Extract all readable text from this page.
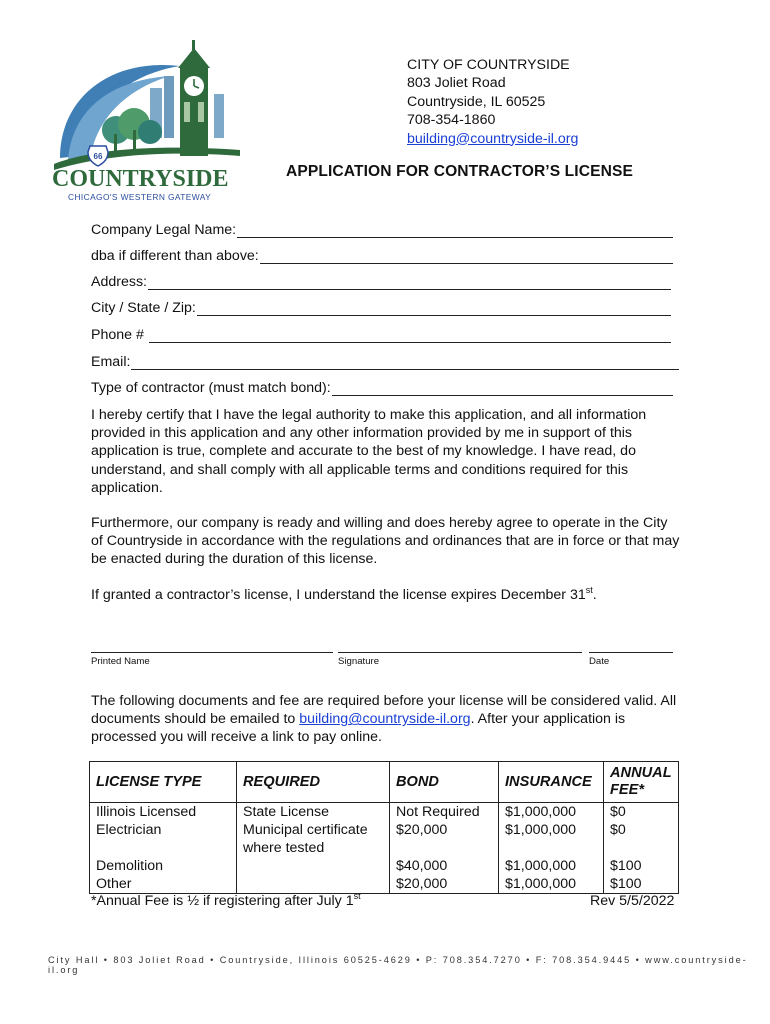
66
COUNTRYSIDE
CHICAGO'S WESTERN GATEWAY
CITY OF COUNTRYSIDE
803 Joliet Road
Countryside, IL 60525
708-354-1860
building@countryside-il.org
APPLICATION FOR CONTRACTOR’S LICENSE
Company Legal Name:
dba if different than above:
Address:
City / State / Zip:
Phone #
Email:
Type of contractor (must match bond):
I hereby certify that I have the legal authority to make this application, and all information provided in this application and any other information provided by me in support of this application is true, complete and accurate to the best of my knowledge. I have read, do understand, and shall comply with all applicable terms and conditions required for this application.
Furthermore, our company is ready and willing and does hereby agree to operate in the City of Countryside in accordance with the regulations and ordinances that are in force or that may be enacted during the duration of this license.
If granted a contractor’s license, I understand the license expires December 31st.
Printed Name	Signature	Date
The following documents and fee are required before your license will be considered valid. All documents should be emailed to building@countryside-il.org. After your application is processed you will receive a link to pay online.
LICENSE TYPE	REQUIRED	BOND	INSURANCE	ANNUAL FEE*
Illinois Licensed	State License	Not Required	$1,000,000	$0
Electrician	Municipal certificate where tested	$20,000	$1,000,000	$0
Demolition		$40,000	$1,000,000	$100
Other		$20,000	$1,000,000	$100
*Annual Fee is ½ if registering after July 1st	Rev 5/5/2022
City Hall • 803 Joliet Road • Countryside, Illinois 60525-4629 • P: 708.354.7270 • F: 708.354.9445 • www.countryside-il.org
